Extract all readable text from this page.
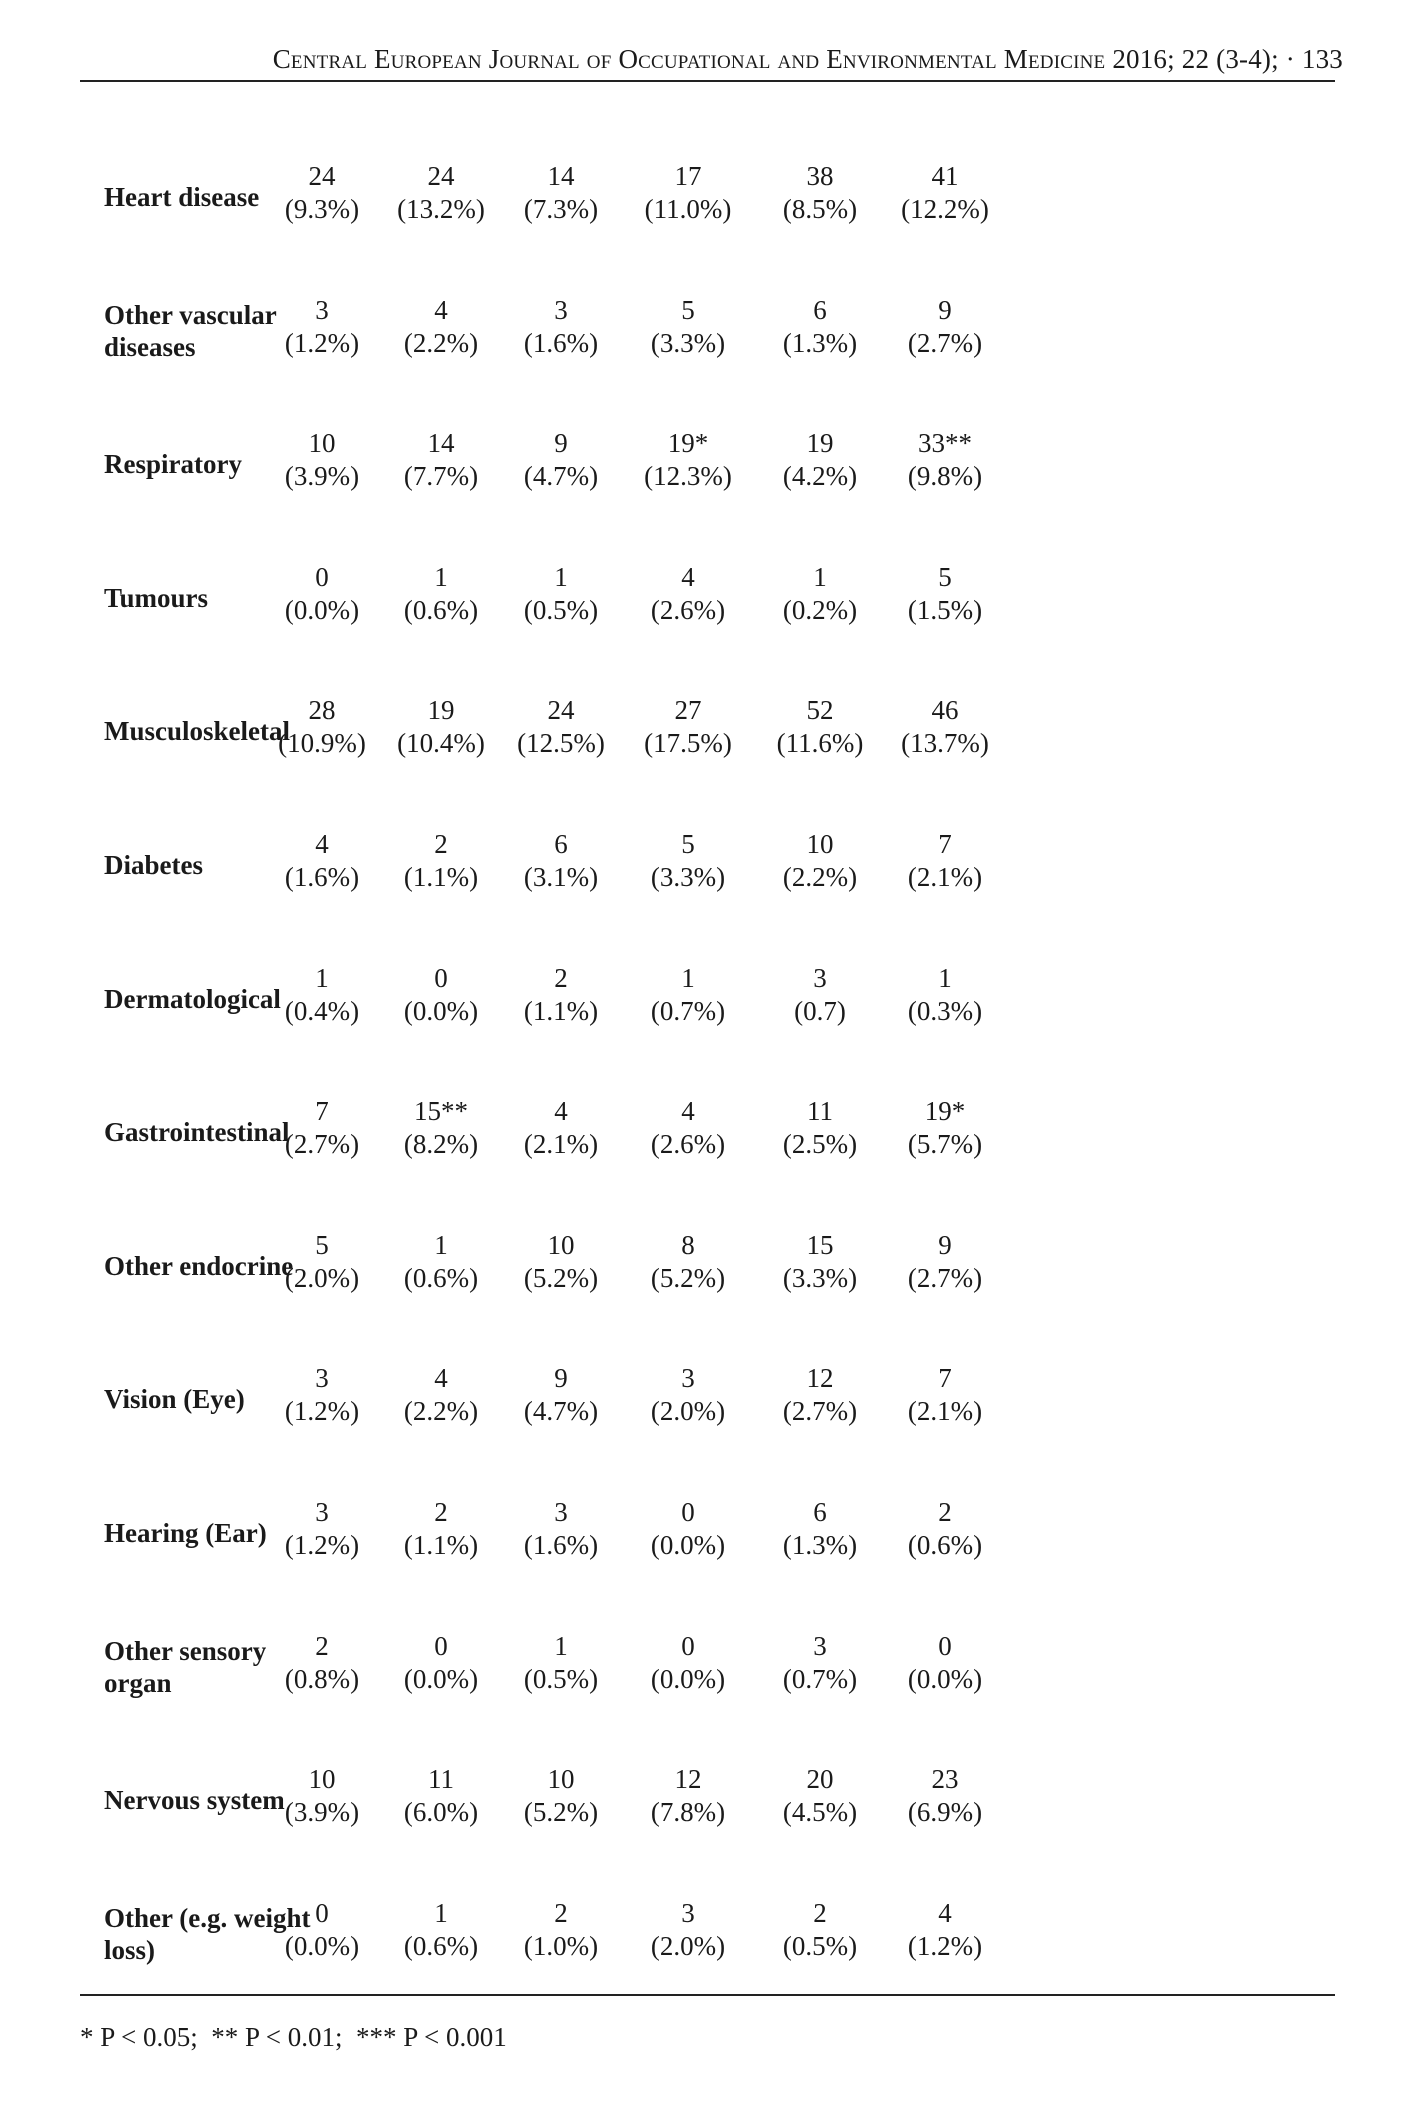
Central European Journal of Occupational and Environmental Medicine 2016; 22 (3-4); · 133
Heart disease
24
(9.3%)
24
(13.2%)
14
(7.3%)
17
(11.0%)
38
(8.5%)
41
(12.2%)
Other vascular diseases
3
(1.2%)
4
(2.2%)
3
(1.6%)
5
(3.3%)
6
(1.3%)
9
(2.7%)
Respiratory
10
(3.9%)
14
(7.7%)
9
(4.7%)
19*
(12.3%)
19
(4.2%)
33**
(9.8%)
Tumours
0
(0.0%)
1
(0.6%)
1
(0.5%)
4
(2.6%)
1
(0.2%)
5
(1.5%)
Musculoskeletal
28
(10.9%)
19
(10.4%)
24
(12.5%)
27
(17.5%)
52
(11.6%)
46
(13.7%)
Diabetes
4
(1.6%)
2
(1.1%)
6
(3.1%)
5
(3.3%)
10
(2.2%)
7
(2.1%)
Dermatological
1
(0.4%)
0
(0.0%)
2
(1.1%)
1
(0.7%)
3
(0.7)
1
(0.3%)
Gastrointestinal
7
(2.7%)
15**
(8.2%)
4
(2.1%)
4
(2.6%)
11
(2.5%)
19*
(5.7%)
Other endocrine
5
(2.0%)
1
(0.6%)
10
(5.2%)
8
(5.2%)
15
(3.3%)
9
(2.7%)
Vision (Eye)
3
(1.2%)
4
(2.2%)
9
(4.7%)
3
(2.0%)
12
(2.7%)
7
(2.1%)
Hearing (Ear)
3
(1.2%)
2
(1.1%)
3
(1.6%)
0
(0.0%)
6
(1.3%)
2
(0.6%)
Other sensory organ
2
(0.8%)
0
(0.0%)
1
(0.5%)
0
(0.0%)
3
(0.7%)
0
(0.0%)
Nervous system
10
(3.9%)
11
(6.0%)
10
(5.2%)
12
(7.8%)
20
(4.5%)
23
(6.9%)
Other (e.g. weight loss)
0
(0.0%)
1
(0.6%)
2
(1.0%)
3
(2.0%)
2
(0.5%)
4
(1.2%)
* P < 0.05;  ** P < 0.01;  *** P < 0.001
